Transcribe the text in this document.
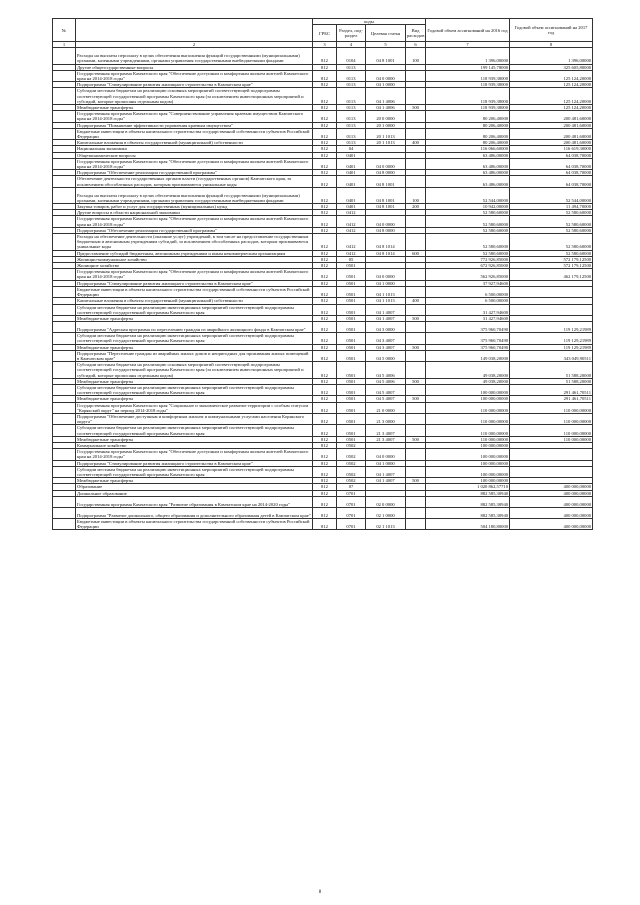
№		коды				Годовой объем ассигнований на 2016 год	Годовой объем ассигнований на 2017 год
		ГРБС	Раздел, под-раздел	Целевая статья	Вид расходов		
1	2	3	4	5	6	7	8
	Расходы на выплаты персоналу в целях обеспечения выполнения функций государственными (муниципальными) органами, казенными учреждениями, органами управления государственными внебюджетными фондами	812	0104	04 8 1001	100	1 396,00000	1 396,00000
	Другие общегосударственные вопросы	812	0113			199 145,78000	325 605,80000
	Государственная программа Камчатского края "Обеспечение доступным и комфортным жильем жителей Камчатского края на 2014-2018 годы"	812	0113	04 0 0000		118 939,38000	125 124,20000
	Подпрограмма "Стимулирование развития жилищного строительства в Камчатском крае"	812	0113	04 1 0000		118 939,38000	125 124,20000
	Субсидии местным бюджетам на реализацию основных мероприятий соответствующей подпрограммы соответствующей государственной программы Камчатского края (за исключением инвестиционных мероприятий и субсидий, которые прописаны отдельным кодом)	812	0113	04 1 4006		118 939,38000	125 124,20000
	Межбюджетные трансферты	812	0113	04 1 4006	500	118 939,38000	125 124,20000
	Государственная программа Камчатского края "Совершенствование управления краевым имуществом Камчатского края на 2014-2018 годы"	812	0113	20 0 0000		80 206,40000	200 481,60000
	Подпрограмма "Повышение эффективности управления краевым имуществом"	812	0113	20 1 0000		80 206,40000	200 481,60000
	Бюджетные инвестиции в объекты капитального строительства государственной собственности субъектов Российской Федерации	812	0113	20 1 1013		80 206,40000	200 481,60000
	Капитальные вложения в объекты государственной (муниципальной) собственности	812	0113	20 1 1013	400	80 206,40000	200 481,60000
	Национальная экономика	812	04			116 066,60000	116 619,30000
	Общеэкономические вопросы	812	0401			63 486,00000	64 038,70000
	Государственная программа Камчатского края "Обеспечение доступным и комфортным жильем жителей Камчатского края на 2014-2018 годы"	812	0401	04 0 0000		63 486,00000	64 038,70000
	Подпрограмма "Обеспечение реализации государственной программы"	812	0401	04 8 0000		63 486,00000	64 038,70000
	Обеспечение деятельности государственных органов власти (государственных органов) Камчатского края, за исключением обособленных расходов, которым присваиваются уникальные коды	812	0401	04 8 1001		63 486,00000	64 038,70000
	Расходы на выплаты персоналу в целях обеспечения выполнения функций государственными (муниципальными) органами, казенными учреждениями, органами управления государственными внебюджетными фондами	812	0401	04 8 1001	100	52 544,00000	52 544,00000
	Закупка товаров, работ и услуг для государственных (муниципальных) нужд	812	0401	04 8 1001	200	10 942,00000	11 494,70000
	Другие вопросы в области национальной экономики	812	0412			52 580,60000	52 580,60000
	Государственная программа Камчатского края "Обеспечение доступным и комфортным жильем жителей Камчатского края на 2014-2018 годы"	812	0412	04 0 0000		52 580,60000	52 580,60000
	Подпрограмма "Обеспечение реализации государственной программы"	812	0412	04 8 0000		52 580,60000	52 580,60000
	Расходы на обеспечение деятельности (оказание услуг) учреждений, в том числе на предоставление государственным бюджетным и автономным учреждениям субсидий, за исключением обособленных расходов, которым присваиваются уникальные коды	812	0412	04 8 1014		52 580,60000	52 580,60000
	Предоставление субсидий бюджетным, автономным учреждениям и иным некоммерческим организациям	812	0412	04 8 1014	600	52 580,60000	52 580,60000
	Жилищно-коммунальное хозяйство	812	05			772 926,85000	572 179,12500
	Жилищное хозяйство	812	0501			672 926,85000	572 179,12500
	Государственная программа Камчатского края "Обеспечение доступным и комфортным жильем жителей Камчатского края на 2014-2018 годы"	812	0501	04 0 0000		562 926,85000	462 179,12500
	Подпрограмма "Стимулирование развития жилищного строительства в Камчатском крае"	812	0501	04 1 0000		37 927,94600	
	Бюджетные инвестиции в объекты капитального строительства государственной собственности субъектов Российской Федерации	812	0501	04 1 1013		6 500,00000	
	Капитальные вложения в объекты государственной (муниципальной) собственности	812	0501	04 1 1013	400	6 500,00000	
	Субсидии местным бюджетам на реализацию инвестиционных мероприятий соответствующей подпрограммы соответствующей государственной программы Камчатского края	812	0501	04 1 4007		31 427,94600	
	Межбюджетные трансферты	812	0501	04 1 4007	500	31 427,94600	
	Подпрограмма "Адресная программа по переселению граждан из аварийного жилищного фонда в Камчатском крае"	812	0501	04 3 0000		375 960,70490	119 129,21989
	Субсидии местным бюджетам на реализацию инвестиционных мероприятий соответствующей подпрограммы соответствующей государственной программы Камчатского края	812	0501	04 3 4007		375 960,70490	119 129,21989
	Межбюджетные трансферты	812	0501	04 3 4007	500	375 960,70490	119 129,21989
	Подпрограмма "Переселение граждан из аварийных жилых домов и непригодных для проживания жилых помещений в Камчатском крае"	812	0501	04 5 0000		149 038,20000	343 049,90511
	Субсидии местным бюджетам на реализацию основных мероприятий соответствующей подпрограммы соответствующей государственной программы Камчатского края (за исключением инвестиционных мероприятий и субсидий, которые прописаны отдельным кодом)	812	0501	04 5 4006		49 038,20000	51 588,20000
	Межбюджетные трансферты	812	0501	04 5 4006	500	49 038,20000	51 588,20000
	Субсидии местным бюджетам на реализацию инвестиционных мероприятий соответствующей подпрограммы соответствующей государственной программы Камчатского края	812	0501	04 5 4007		100 000,00000	291 461,70511
	Межбюджетные трансферты	812	0501	04 5 4007	500	100 000,00000	291 461,70511
	Государственная программа Камчатского края "Социальное и экономическое развитие территории с особым статусом "Корякский округ" на период 2014-2018 годы"	812	0501	21 0 0000		110 000,00000	110 000,00000
	Подпрограмма "Обеспечение доступным и комфортным жильем и коммунальными услугами населения Корякского округа"	812	0501	21 3 0000		110 000,00000	110 000,00000
	Субсидии местным бюджетам на реализацию инвестиционных мероприятий соответствующей подпрограммы соответствующей государственной программы Камчатского края	812	0501	21 3 4007		110 000,00000	110 000,00000
	Межбюджетные трансферты	812	0501	21 3 4007	500	110 000,00000	110 000,00000
	Коммунальное хозяйство	812	0502			100 000,00000	
	Государственная программа Камчатского края "Обеспечение доступным и комфортным жильем жителей Камчатского края на 2014-2018 годы"	812	0502	04 0 0000		100 000,00000	
	Подпрограмма "Стимулирование развития жилищного строительства в Камчатском крае"	812	0502	04 1 0000		100 000,00000	
	Субсидии местным бюджетам на реализацию инвестиционных мероприятий соответствующей подпрограммы соответствующей государственной программы Камчатского края	812	0502	04 1 4007		100 000,00000	
	Межбюджетные трансферты	812	0502	04 1 4007	500	100 000,00000	
	Образование	812	07			1 020 862,57710	400 000,00000
	Дошкольное образование	812	0701			882 585,30940	400 000,00000
	Государственная программа Камчатского края "Развитие образования в Камчатском крае на 2014-2020 годы"	812	0701	02 0 0000		882 585,30940	400 000,00000
	Подпрограмма "Развитие дошкольного, общего образования и дополнительного образования детей в Камчатском крае"	812	0701	02 1 0000		882 585,30940	400 000,00000
	Бюджетные инвестиции в объекты капитального строительства государственной собственности субъектов Российской Федерации	812	0701	02 1 1013		504 180,80000	400 000,00000
8
